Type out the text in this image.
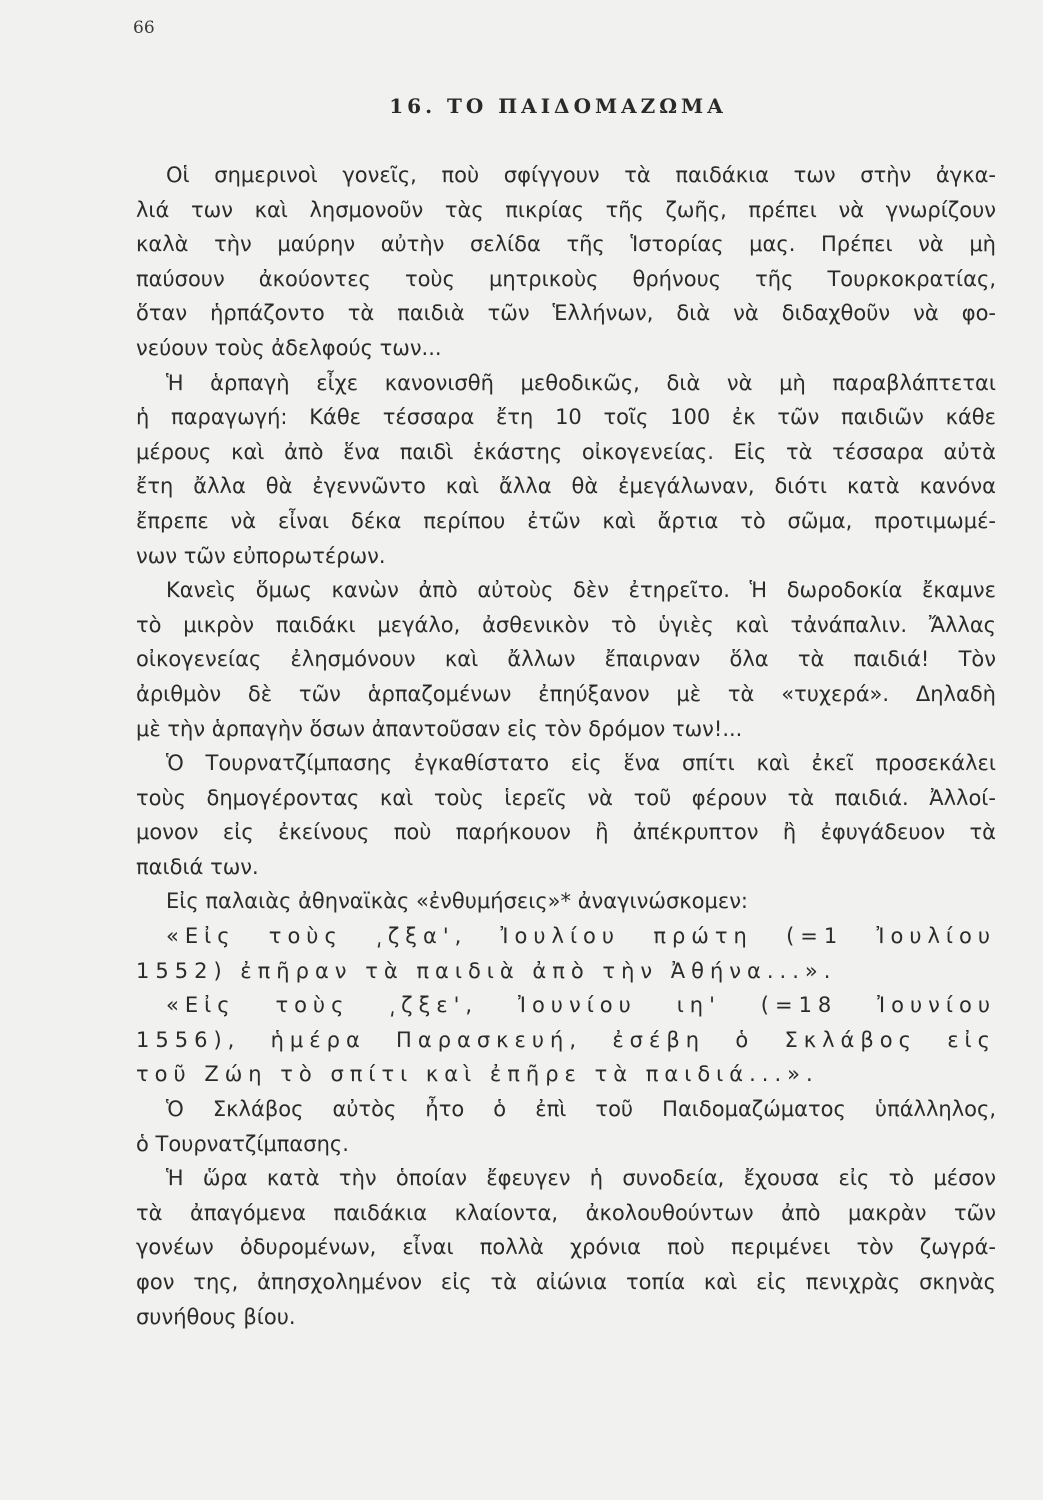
66
16. ΤΟ ΠΑΙΔΟΜΑΖΩΜΑ
Οἱ σημερινοὶ γονεῖς, ποὺ σφίγγουν τὰ παιδάκια των στὴν ἀγκα-
λιά των καὶ λησμονοῦν τὰς πικρίας τῆς ζωῆς, πρέπει νὰ γνωρίζουν
καλὰ τὴν μαύρην αὐτὴν σελίδα τῆς Ἱστορίας μας. Πρέπει νὰ μὴ
παύσουν ἀκούοντες τοὺς μητρικοὺς θρήνους τῆς Τουρκοκρατίας,
ὅταν ἡρπάζοντο τὰ παιδιὰ τῶν Ἑλλήνων, διὰ νὰ διδαχθοῦν νὰ φο-
νεύουν τοὺς ἀδελφούς των...
Ἡ ἁρπαγὴ εἶχε κανονισθῆ μεθοδικῶς, διὰ νὰ μὴ παραβλάπτεται
ἡ παραγωγή: Κάθε τέσσαρα ἔτη 10 τοῖς 100 ἐκ τῶν παιδιῶν κάθε
μέρους καὶ ἀπὸ ἕνα παιδὶ ἑκάστης οἰκογενείας. Εἰς τὰ τέσσαρα αὐτὰ
ἔτη ἄλλα θὰ ἐγεννῶντο καὶ ἄλλα θὰ ἐμεγάλωναν, διότι κατὰ κανόνα
ἔπρεπε νὰ εἶναι δέκα περίπου ἐτῶν καὶ ἄρτια τὸ σῶμα, προτιμωμέ-
νων τῶν εὐπορωτέρων.
Κανεὶς ὅμως κανὼν ἀπὸ αὐτοὺς δὲν ἐτηρεῖτο. Ἡ δωροδοκία ἔκαμνε
τὸ μικρὸν παιδάκι μεγάλο, ἀσθενικὸν τὸ ὑγιὲς καὶ τἀνάπαλιν. Ἄλλας
οἰκογενείας ἐλησμόνουν καὶ ἄλλων ἔπαιρναν ὅλα τὰ παιδιά! Τὸν
ἀριθμὸν δὲ τῶν ἁρπαζομένων ἐπηύξανον μὲ τὰ «τυχερά». Δηλαδὴ
μὲ τὴν ἁρπαγὴν ὅσων ἀπαντοῦσαν εἰς τὸν δρόμον των!...
Ὁ Τουρνατζίμπασης ἐγκαθίστατο εἰς ἕνα σπίτι καὶ ἐκεῖ προσεκάλει
τοὺς δημογέροντας καὶ τοὺς ἱερεῖς νὰ τοῦ φέρουν τὰ παιδιά. Ἀλλοί-
μονον εἰς ἐκείνους ποὺ παρήκουον ἢ ἀπέκρυπτον ἢ ἐφυγάδευον τὰ
παιδιά των.
Εἰς παλαιὰς ἀθηναϊκὰς «ἐνθυμήσεις»* ἀναγινώσκομεν:
«Εἰς τοὺς ͵ζξα', Ἰουλίου πρώτη (=1 Ἰουλίου
1552) ἐπῆραν τὰ παιδιὰ ἀπὸ τὴν Ἀθήνα...».
«Εἰς τοὺς ͵ζξε', Ἰουνίου ιη' (=18 Ἰουνίου
1556), ἡμέρα Παρασκευή, ἐσέβη ὁ Σκλάβος εἰς
τοῦ Ζώη τὸ σπίτι καὶ ἐπῆρε τὰ παιδιά...».
Ὁ Σκλάβος αὐτὸς ἦτο ὁ ἐπὶ τοῦ Παιδομαζώματος ὑπάλληλος,
ὁ Τουρνατζίμπασης.
Ἡ ὥρα κατὰ τὴν ὁποίαν ἔφευγεν ἡ συνοδεία, ἔχουσα εἰς τὸ μέσον
τὰ ἀπαγόμενα παιδάκια κλαίοντα, ἀκολουθούντων ἀπὸ μακρὰν τῶν
γονέων ὀδυρομένων, εἶναι πολλὰ χρόνια ποὺ περιμένει τὸν ζωγρά-
φον της, ἀπησχολημένον εἰς τὰ αἰώνια τοπία καὶ εἰς πενιχρὰς σκηνὰς
συνήθους βίου.
